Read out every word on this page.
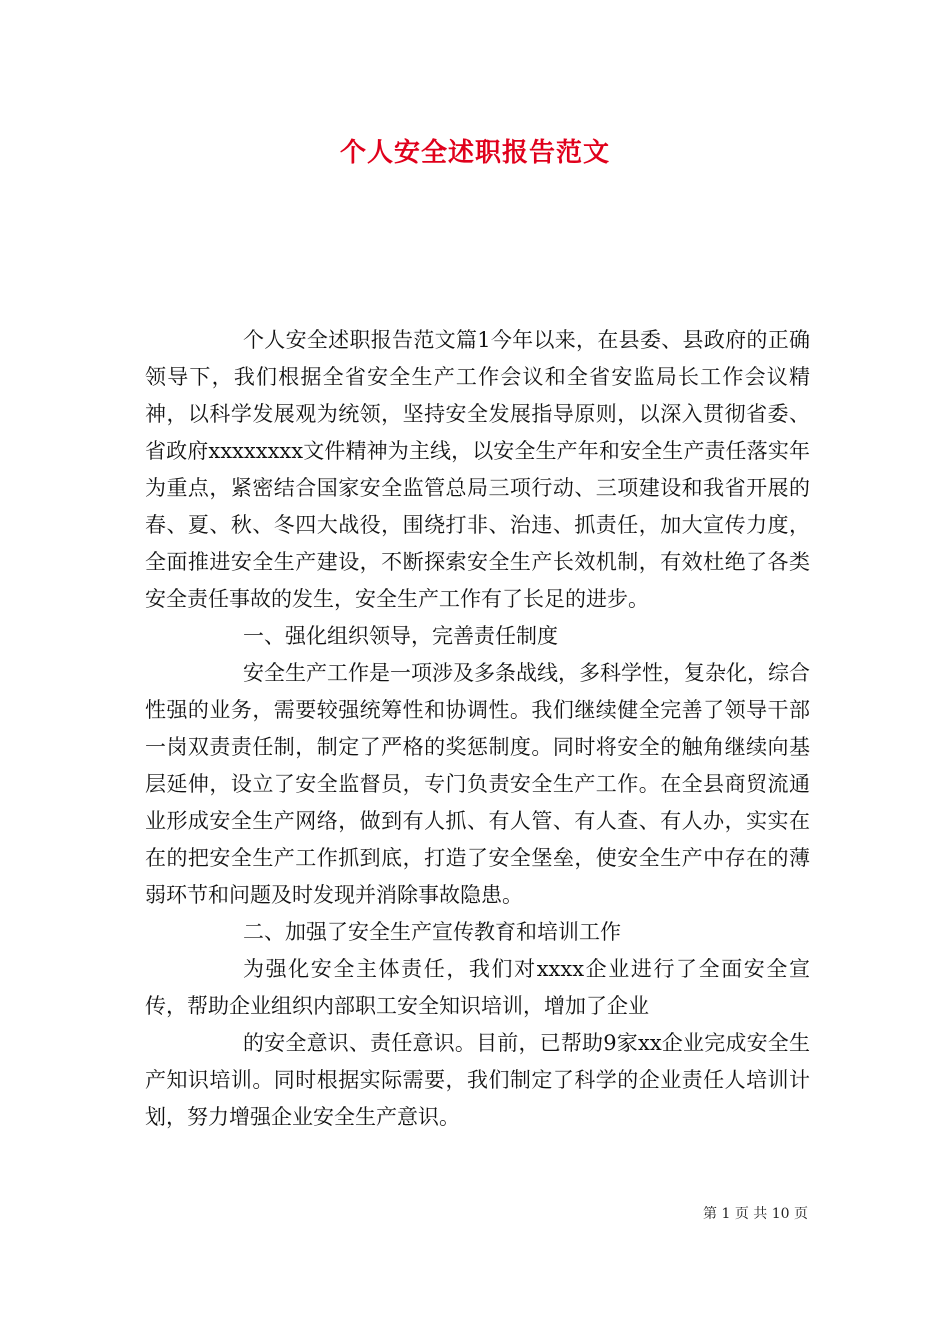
个人安全述职报告范文

个人安全述职报告范文篇1今年以来，在县委、县政府的正确领导下，我们根据全省安全生产工作会议和全省安监局长工作会议精神，以科学发展观为统领，坚持安全发展指导原则，以深入贯彻省委、省政府xxxxxxxx文件精神为主线，以安全生产年和安全生产责任落实年为重点，紧密结合国家安全监管总局三项行动、三项建设和我省开展的春、夏、秋、冬四大战役，围绕打非、治违、抓责任，加大宣传力度，全面推进安全生产建设，不断探索安全生产长效机制，有效杜绝了各类安全责任事故的发生，安全生产工作有了长足的进步。

一、强化组织领导，完善责任制度

安全生产工作是一项涉及多条战线，多科学性，复杂化，综合性强的业务，需要较强统筹性和协调性。我们继续健全完善了领导干部一岗双责责任制，制定了严格的奖惩制度。同时将安全的触角继续向基层延伸，设立了安全监督员，专门负责安全生产工作。在全县商贸流通业形成安全生产网络，做到有人抓、有人管、有人查、有人办，实实在在的把安全生产工作抓到底，打造了安全堡垒，使安全生产中存在的薄弱环节和问题及时发现并消除事故隐患。

二、加强了安全生产宣传教育和培训工作

为强化安全主体责任，我们对xxxx企业进行了全面安全宣传，帮助企业组织内部职工安全知识培训，增加了企业

的安全意识、责任意识。目前，已帮助9家xx企业完成安全生产知识培训。同时根据实际需要，我们制定了科学的企业责任人培训计划，努力增强企业安全生产意识。

第 1 页 共 10 页
